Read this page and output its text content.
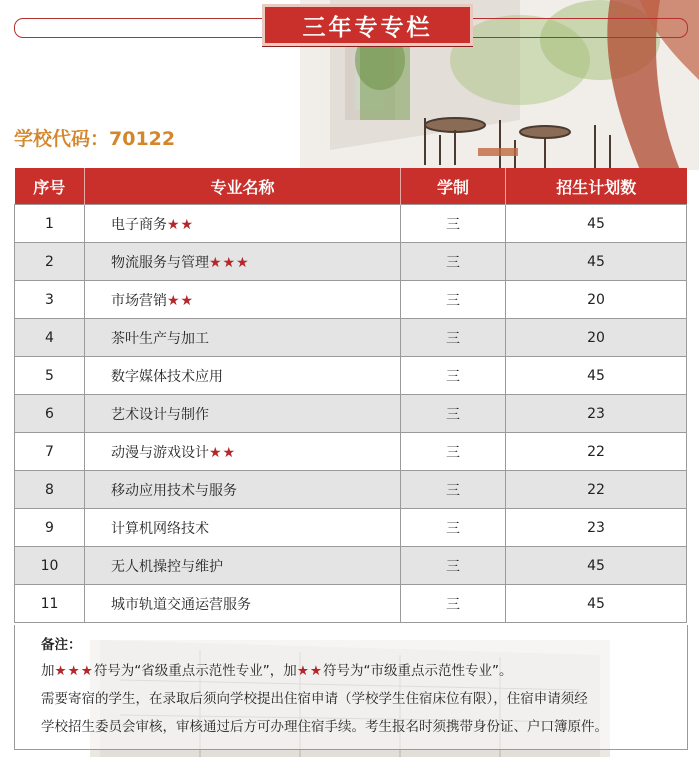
三年专专栏
学校代码：70122
序号	专业名称	学制	招生计划数
1	电子商务★★	三	45
2	物流服务与管理★★★	三	45
3	市场营销★★	三	20
4	茶叶生产与加工	三	20
5	数字媒体技术应用	三	45
6	艺术设计与制作	三	23
7	动漫与游戏设计★★	三	22
8	移动应用技术与服务	三	22
9	计算机网络技术	三	23
10	无人机操控与维护	三	45
11	城市轨道交通运营服务	三	45

备注：

加★★★符号为“省级重点示范性专业”，加★★符号为“市级重点示范性专业”。

需要寄宿的学生，在录取后须向学校提出住宿申请（学校学生住宿床位有限），住宿申请须经

学校招生委员会审核，审核通过后方可办理住宿手续。考生报名时须携带身份证、户口簿原件。
